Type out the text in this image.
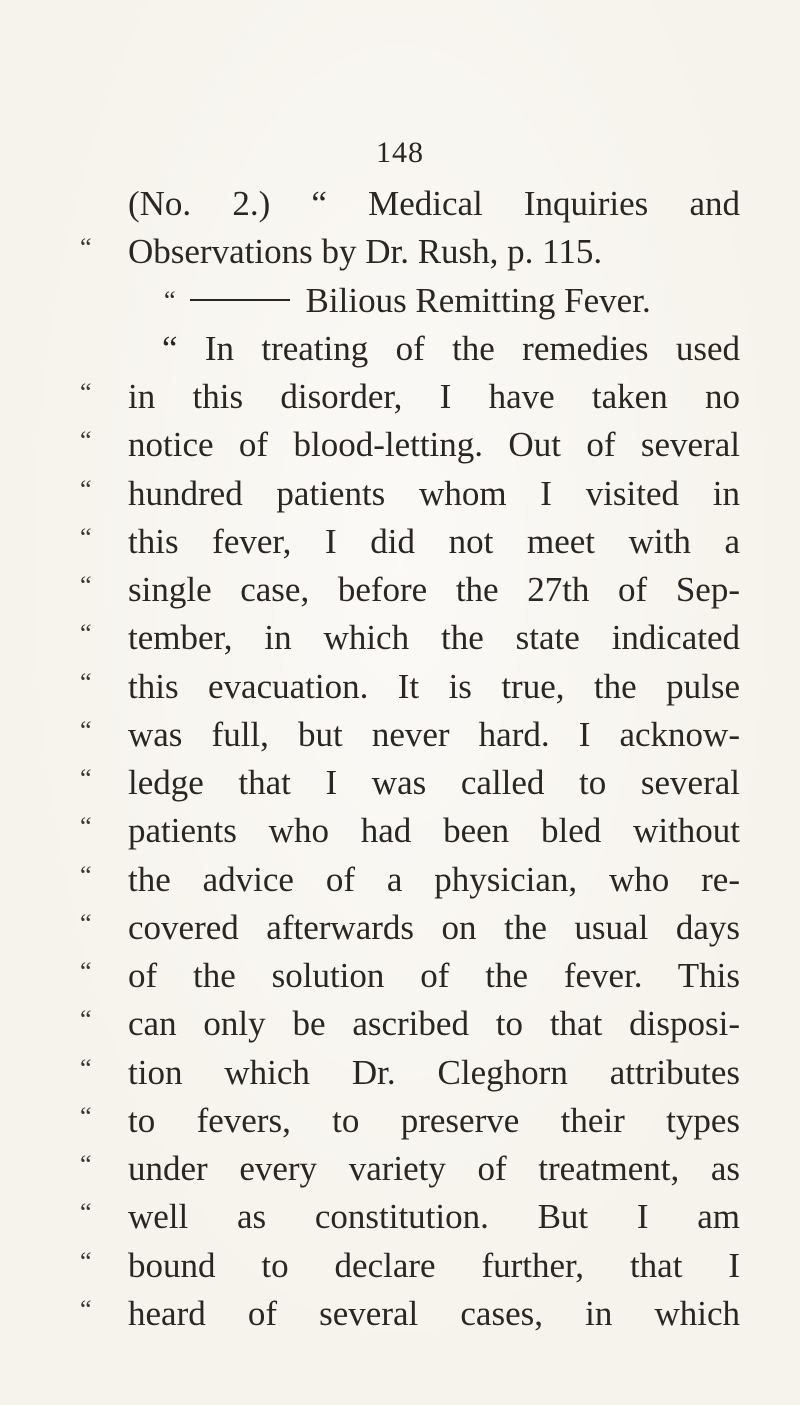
148
(No. 2.) “ Medical Inquiries and
“	Observations by Dr. Rush, p. 115.
“	Bilious Remitting Fever.
“ In treating of the remedies used
“	in this disorder, I have taken no
“	notice of blood-letting. Out of several
“	hundred patients whom I visited in
“	this fever, I did not meet with a
“	single case, before the 27th of Sep-
“	tember, in which the state indicated
“	this evacuation. It is true, the pulse
“	was full, but never hard. I acknow-
“	ledge that I was called to several
“	patients who had been bled without
“	the advice of a physician, who re-
“	covered afterwards on the usual days
“	of the solution of the fever. This
“	can only be ascribed to that disposi-
“	tion which Dr. Cleghorn attributes
“	to fevers, to preserve their types
“	under every variety of treatment, as
“	well as constitution. But I am
“	bound to declare further, that I
“	heard of several cases, in which
